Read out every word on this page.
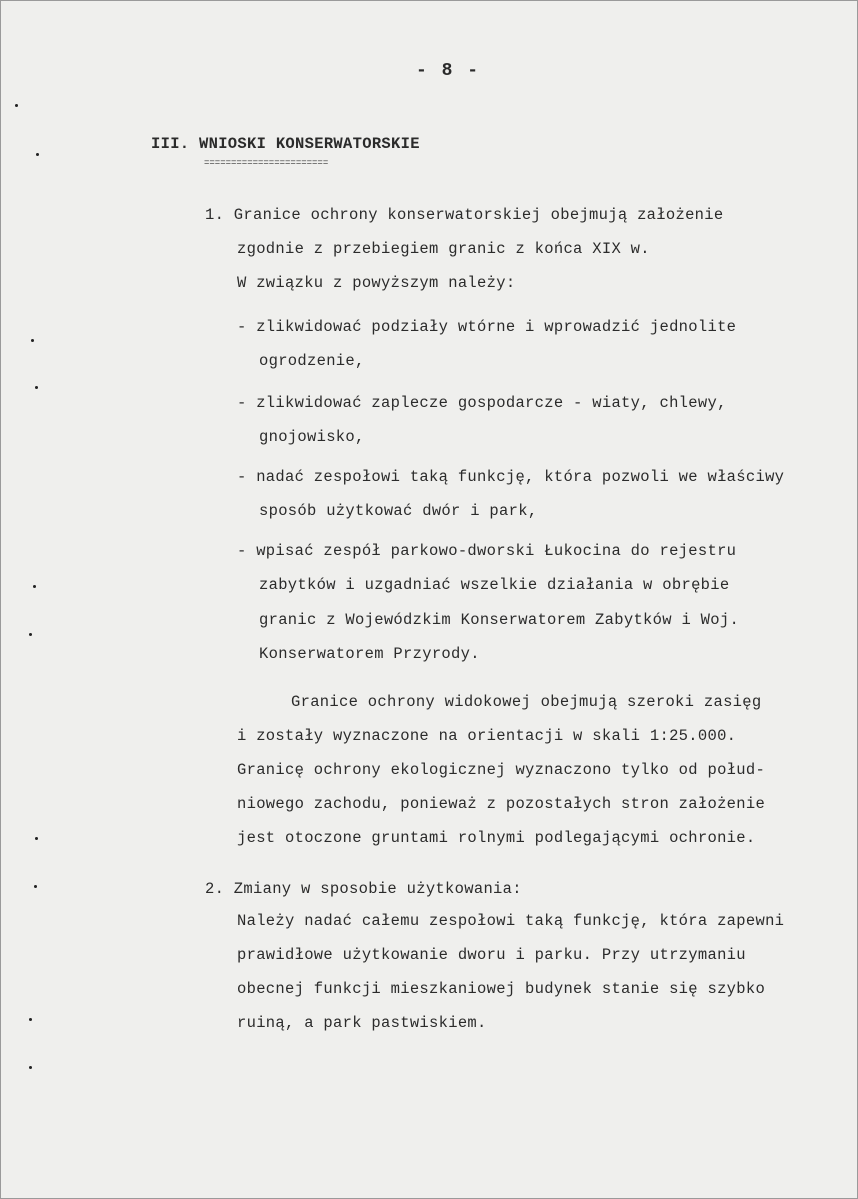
- 8 -
III. WNIOSKI KONSERWATORSKIE
=======================
1. Granice ochrony konserwatorskiej obejmują założenie
zgodnie z przebiegiem granic z końca XIX w.
W związku z powyższym należy:
- zlikwidować podziały wtórne i wprowadzić jednolite
ogrodzenie,
- zlikwidować zaplecze gospodarcze - wiaty, chlewy,
gnojowisko,
- nadać zespołowi taką funkcję, która pozwoli we właściwy
sposób użytkować dwór i park,
- wpisać zespół parkowo-dworski Łukocina do rejestru
zabytków i uzgadniać wszelkie działania w obrębie
granic z Wojewódzkim Konserwatorem Zabytków i Woj.
Konserwatorem Przyrody.
Granice ochrony widokowej obejmują szeroki zasięg
i zostały wyznaczone na orientacji w skali 1:25.000.
Granicę ochrony ekologicznej wyznaczono tylko od połud-
niowego zachodu, ponieważ z pozostałych stron założenie
jest otoczone gruntami rolnymi podlegającymi ochronie.
2. Zmiany w sposobie użytkowania:
Należy nadać całemu zespołowi taką funkcję, która zapewni
prawidłowe użytkowanie dworu i parku. Przy utrzymaniu
obecnej funkcji mieszkaniowej budynek stanie się szybko
ruiną, a park pastwiskiem.
